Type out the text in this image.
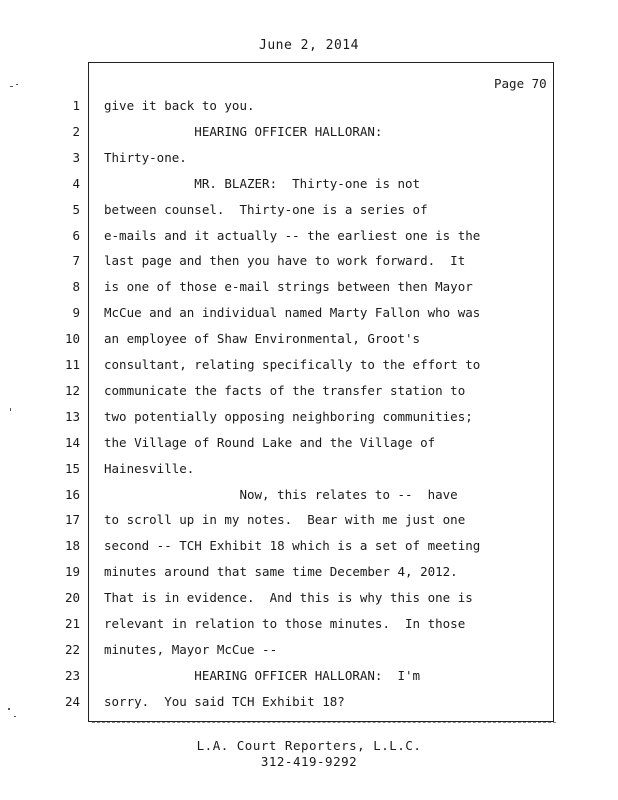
June 2, 2014
Page 70
1 give it back to you.
2 HEARING OFFICER HALLORAN:
3 Thirty-one.
4 MR. BLAZER:  Thirty-one is not
5 between counsel.  Thirty-one is a series of
6 e-mails and it actually -- the earliest one is the
7 last page and then you have to work forward.  It
8 is one of those e-mail strings between then Mayor
9 McCue and an individual named Marty Fallon who was
10 an employee of Shaw Environmental, Groot's
11 consultant, relating specifically to the effort to
12 communicate the facts of the transfer station to
13 two potentially opposing neighboring communities;
14 the Village of Round Lake and the Village of
15 Hainesville.
16 Now, this relates to --  have
17 to scroll up in my notes.  Bear with me just one
18 second -- TCH Exhibit 18 which is a set of meeting
19 minutes around that same time December 4, 2012.
20 That is in evidence.  And this is why this one is
21 relevant in relation to those minutes.  In those
22 minutes, Mayor McCue --
23 HEARING OFFICER HALLORAN:  I'm
24 sorry.  You said TCH Exhibit 18?
L.A. Court Reporters, L.L.C.
312-419-9292
